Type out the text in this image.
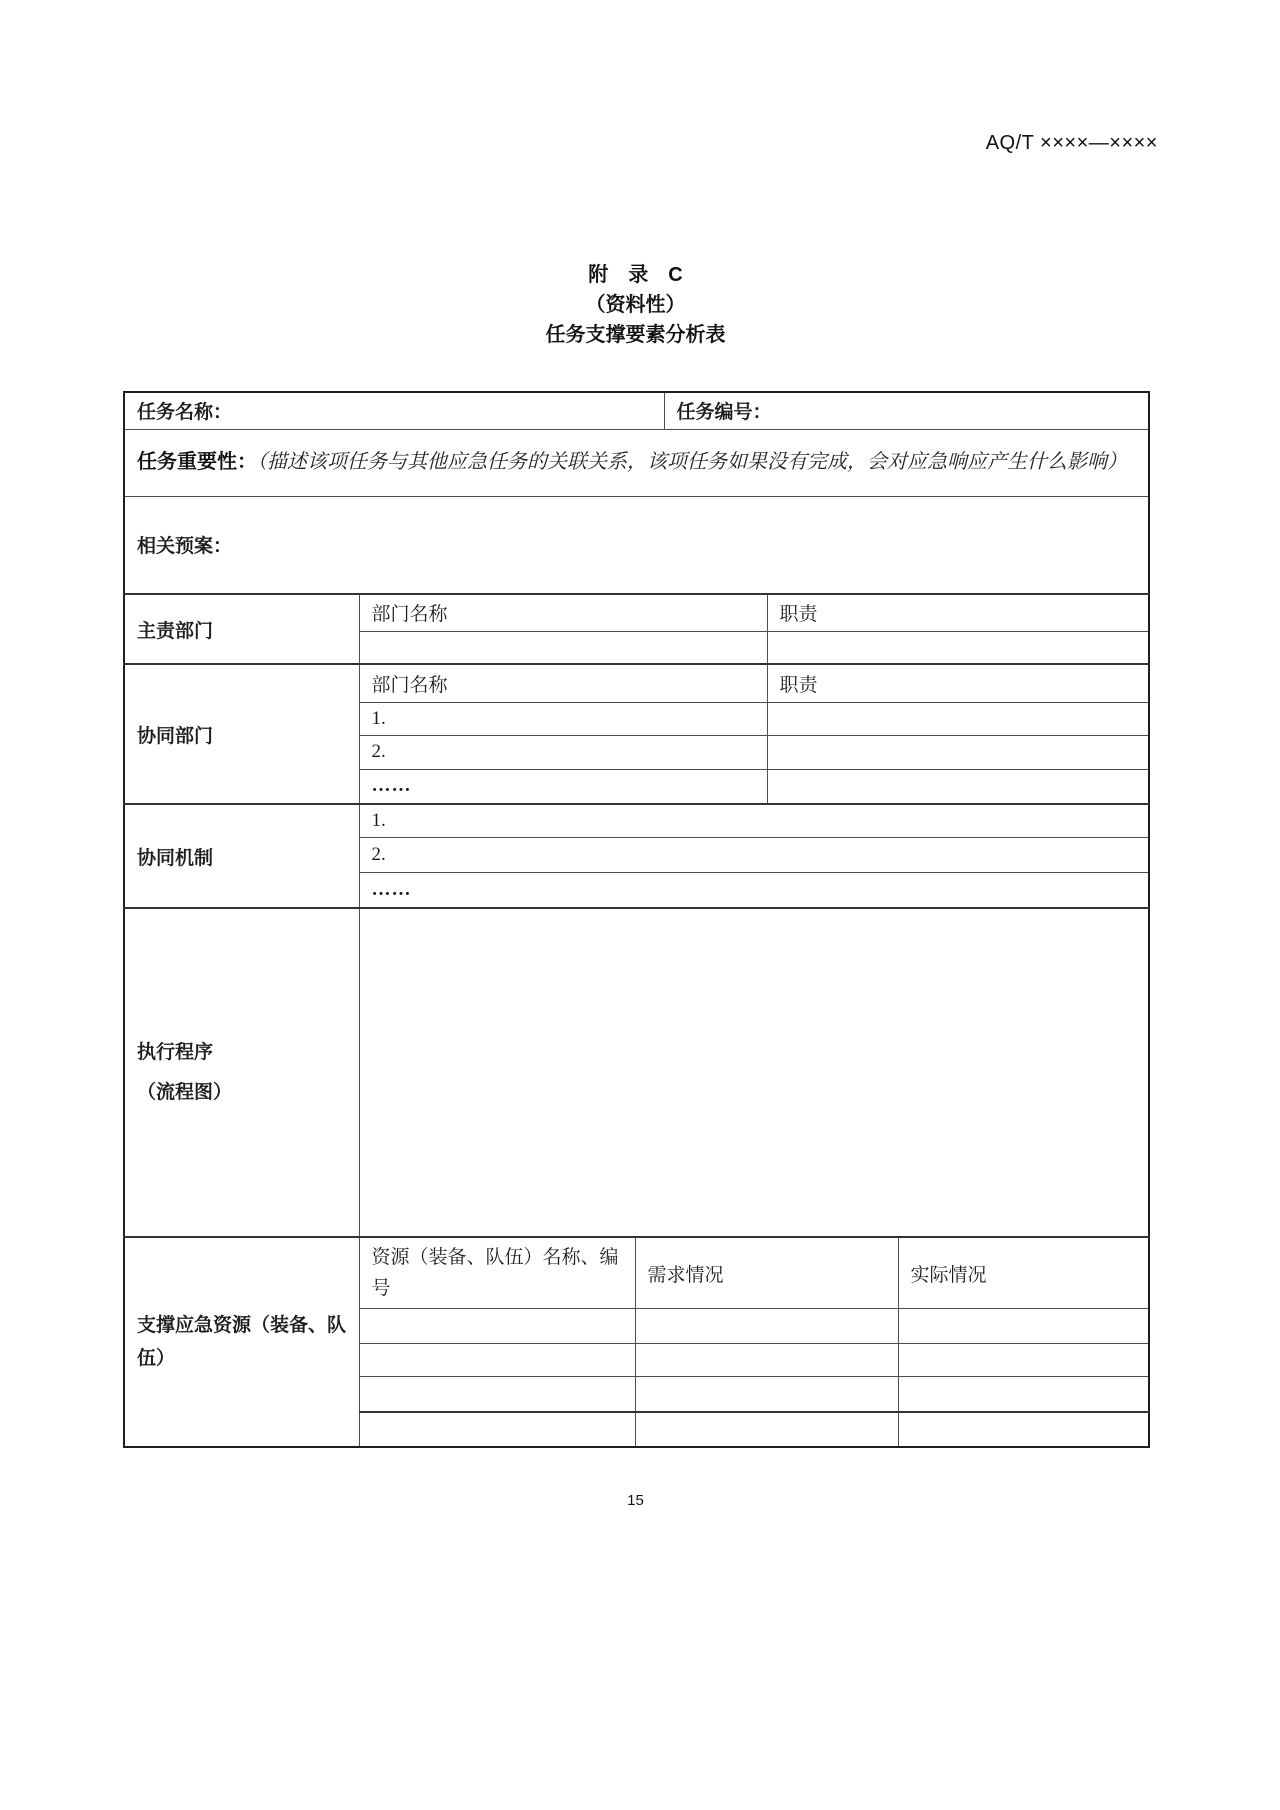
AQ/T ××××—××××
附　录　C
（资料性）
任务支撑要素分析表
任务名称：			任务编号：		
任务重要性：（描述该项任务与其他应急任务的关联关系，该项任务如果没有完成，会对应急响应产生什么影响）					
相关预案：					
主责部门	部门名称			职责	

协同部门	部门名称			职责	
	1.				
	2.				
	……				
协同机制	1.				
	2.				
	……				

执行程序
（流程图）					

支撑应急资源（装备、队伍）	资源（装备、队伍）名称、编号	需求情况			实际情况

15
